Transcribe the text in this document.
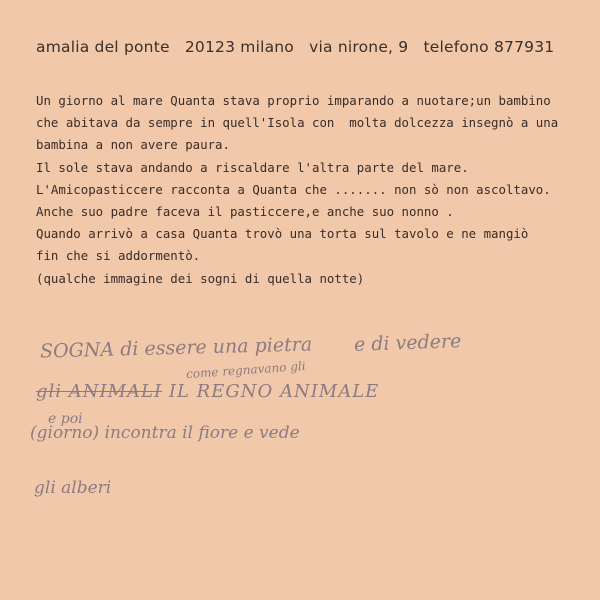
amalia del ponte 20123 milano via nirone, 9 telefono 877931
Un giorno al mare Quanta stava proprio imparando a nuotare;un bambino
che abitava da sempre in quell'Isola con  molta dolcezza insegnò a una
bambina a non avere paura.
Il sole stava andando a riscaldare l'altra parte del mare.
L'Amicopasticcere racconta a Quanta che ....... non sò non ascoltavo.
Anche suo padre faceva il pasticcere,e anche suo nonno .
Quando arrivò a casa Quanta trovò una torta sul tavolo e ne mangiò
fin che si addormentò.
(qualche immagine dei sogni di quella notte)
SOGNA di essere una pietra e di vedere
come regnavano gli
gli ANIMALI IL REGNO ANIMALE
e poi
(giorno) incontra il fiore e vede
gli alberi
